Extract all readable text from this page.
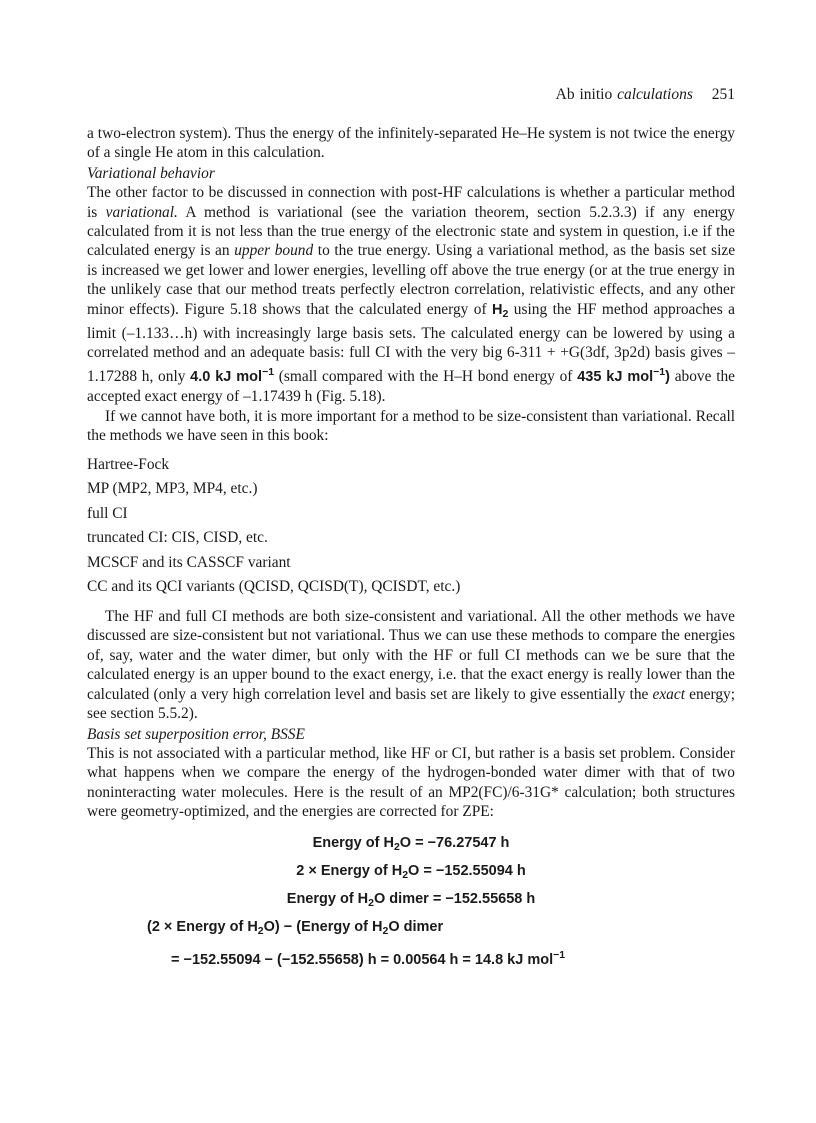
Ab initio calculations 251

a two-electron system). Thus the energy of the infinitely-separated He–He system is not twice the energy of a single He atom in this calculation.

Variational behavior

The other factor to be discussed in connection with post-HF calculations is whether a particular method is variational. A method is variational (see the variation theorem, section 5.2.3.3) if any energy calculated from it is not less than the true energy of the electronic state and system in question, i.e if the calculated energy is an upper bound to the true energy. Using a variational method, as the basis set size is increased we get lower and lower energies, levelling off above the true energy (or at the true energy in the unlikely case that our method treats perfectly electron correlation, relativistic effects, and any other minor effects). Figure 5.18 shows that the calculated energy of $H_2$ using the HF method approaches a limit (–1.133…h) with increasingly large basis sets. The calculated energy can be lowered by using a correlated method and an adequate basis: full CI with the very big 6-311 + +G(3df, 3p2d) basis gives –1.17288 h, only 4.0 kJ mol$^{-1}$ (small compared with the H–H bond energy of 435 kJ mol$^{-1}$) above the accepted exact energy of –1.17439 h (Fig. 5.18).

If we cannot have both, it is more important for a method to be size-consistent than variational. Recall the methods we have seen in this book:

Hartree-Fock
MP (MP2, MP3, MP4, etc.)
full CI
truncated CI: CIS, CISD, etc.
MCSCF and its CASSCF variant
CC and its QCI variants (QCISD, QCISD(T), QCISDT, etc.)

The HF and full CI methods are both size-consistent and variational. All the other methods we have discussed are size-consistent but not variational. Thus we can use these methods to compare the energies of, say, water and the water dimer, but only with the HF or full CI methods can we be sure that the calculated energy is an upper bound to the exact energy, i.e. that the exact energy is really lower than the calculated (only a very high correlation level and basis set are likely to give essentially the exact energy; see section 5.5.2).

Basis set superposition error, BSSE

This is not associated with a particular method, like HF or CI, but rather is a basis set problem. Consider what happens when we compare the energy of the hydrogen-bonded water dimer with that of two noninteracting water molecules. Here is the result of an MP2(FC)/6-31G* calculation; both structures were geometry-optimized, and the energies are corrected for ZPE:

Energy of $H_2O = -76.27547$ h
2 × Energy of $H_2O = -152.55094$ h
Energy of $H_2O$ dimer = −152.55658 h
(2 × Energy of $H_2O$) − (Energy of $H_2O$ dimer
= −152.55094 − (−152.55658) h = 0.00564 h = 14.8 kJ mol$^{-1}$
